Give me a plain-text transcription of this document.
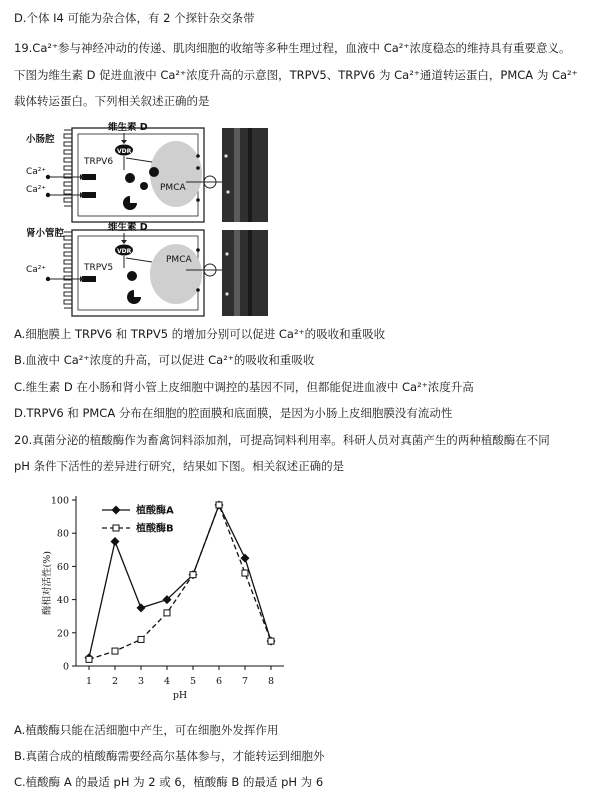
D.个体 Ⅰ4 可能为杂合体，有 2 个探针杂交条带
19.Ca²⁺参与神经冲动的传递、肌肉细胞的收缩等多种生理过程，血液中 Ca²⁺浓度稳态的维持具有重要意义。
下图为维生素 D 促进血液中 Ca²⁺浓度升高的示意图，TRPV5、TRPV6 为 Ca²⁺通道转运蛋白，PMCA 为 Ca²⁺
载体转运蛋白。下列相关叙述正确的是
小肠腔
维生素 D
VDR
TRPV6
Ca²⁺
Ca²⁺	PMCA
肾小管腔
维生素 D
VDR
TRPV5
Ca²⁺
PMCA
A.细胞膜上 TRPV6 和 TRPV5 的增加分别可以促进 Ca²⁺的吸收和重吸收
B.血液中 Ca²⁺浓度的升高，可以促进 Ca²⁺的吸收和重吸收
C.维生素 D 在小肠和肾小管上皮细胞中调控的基因不同，但都能促进血液中 Ca²⁺浓度升高
D.TRPV6 和 PMCA 分布在细胞的腔面膜和底面膜，是因为小肠上皮细胞膜没有流动性
20.真菌分泌的植酸酶作为畜禽饲料添加剂，可提高饲料利用率。科研人员对真菌产生的两种植酸酶在不同
pH 条件下活性的差异进行研究，结果如下图。相关叙述正确的是
0
20
40
60
80
100
1 2 3 4 5 6 7 8
pH
酶相对活性(%)
植酸酶A
植酸酶B
A.植酸酶只能在活细胞中产生，可在细胞外发挥作用
B.真菌合成的植酸酶需要经高尔基体参与，才能转运到细胞外
C.植酸酶 A 的最适 pH 为 2 或 6，植酸酶 B 的最适 pH 为 6
